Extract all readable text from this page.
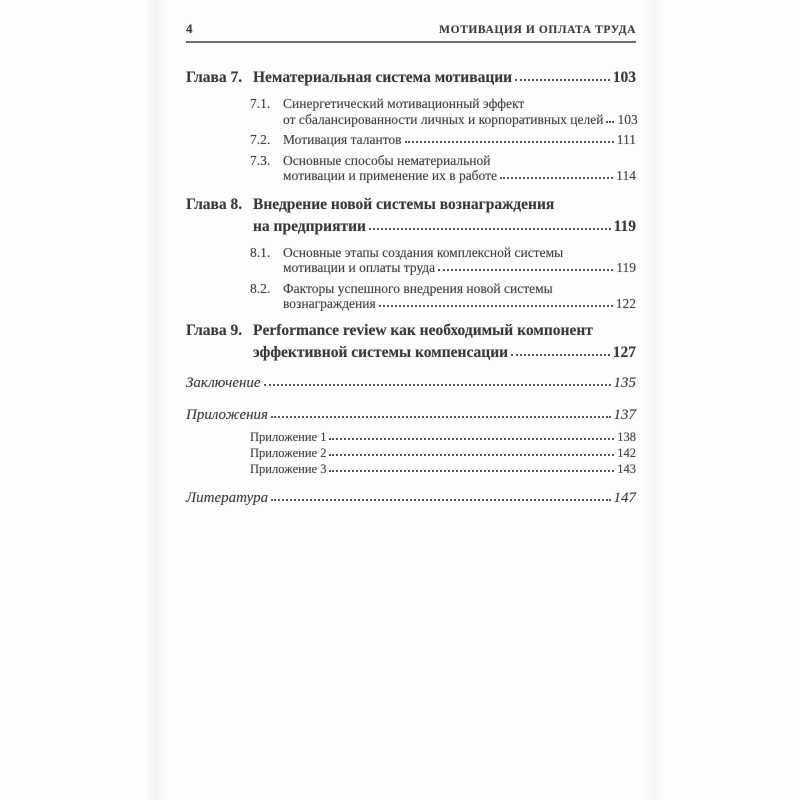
4	МОТИВАЦИЯ И ОПЛАТА ТРУДА
Глава 7. Нематериальная система мотивации	103
7.1. Синергетический мотивационный эффект
от сбалансированности личных и корпоративных целей 103
7.2. Мотивация талантов	111
7.3. Основные способы нематериальной
мотивации и применение их в работе	114
Глава 8. Внедрение новой системы вознаграждения
на предприятии	119
8.1. Основные этапы создания комплексной системы
мотивации и оплаты труда	119
8.2. Факторы успешного внедрения новой системы
вознаграждения	122
Глава 9. Performance review как необходимый компонент
эффективной системы компенсации	127
Заключение	135
Приложения	137
Приложение 1	138
Приложение 2	142
Приложение 3	143
Литература	147
